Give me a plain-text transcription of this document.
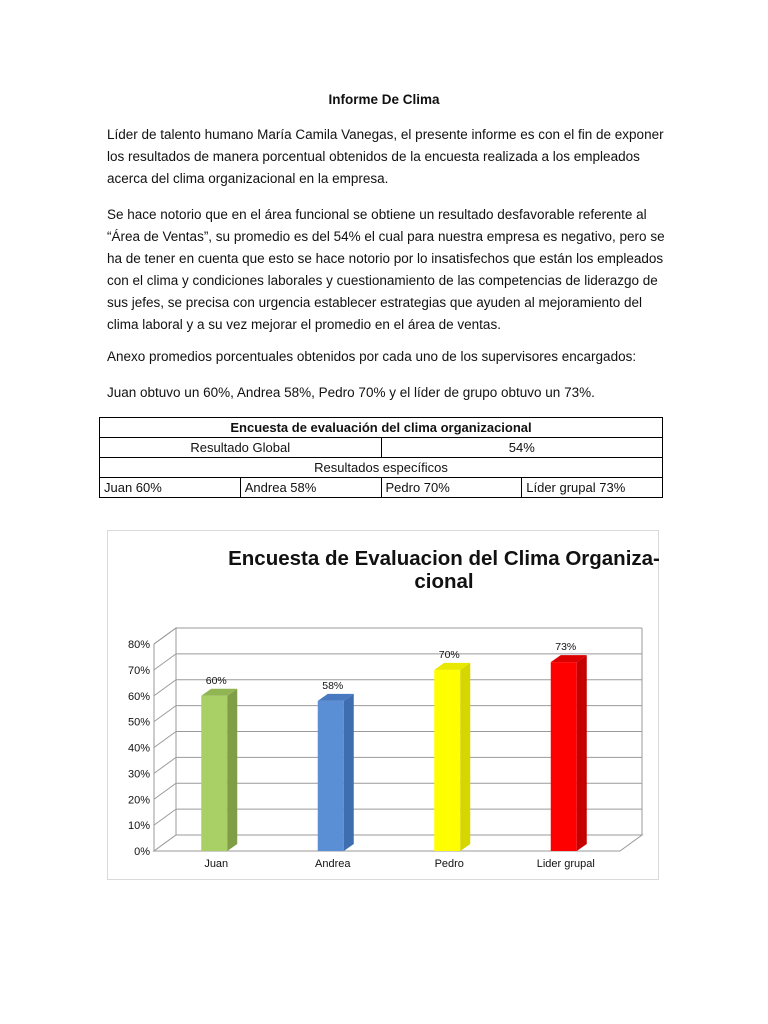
Informe De Clima

Líder de talento humano María Camila Vanegas, el presente informe es con el fin de exponer los resultados de manera porcentual obtenidos de la encuesta realizada a los empleados acerca del clima organizacional en la empresa.

Se hace notorio que en el área funcional se obtiene un resultado desfavorable referente al “Área de Ventas”, su promedio es del 54% el cual para nuestra empresa es negativo, pero se ha de tener en cuenta que esto se hace notorio por lo insatisfechos que están los empleados con el clima y condiciones laborales y cuestionamiento de las competencias de liderazgo de sus jefes, se precisa con urgencia establecer estrategias que ayuden al mejoramiento del clima laboral y a su vez mejorar el promedio en el área de ventas.

Anexo promedios porcentuales obtenidos por cada uno de los supervisores encargados:

Juan obtuvo un 60%, Andrea 58%, Pedro 70% y el líder de grupo obtuvo un 73%.

Encuesta de evaluación del clima organizacional			
Resultado Global		54%	
Resultados específicos			
Juan 60%	Andrea 58%	Pedro 70%	Líder grupal 73%
Encuesta de Evaluacion del Clima Organiza-
cional
0%
10%
20%
30%
40%
50%
60%
70%
80%
60%
Juan
58%
Andrea
70%
Pedro
73%
Lider grupal
